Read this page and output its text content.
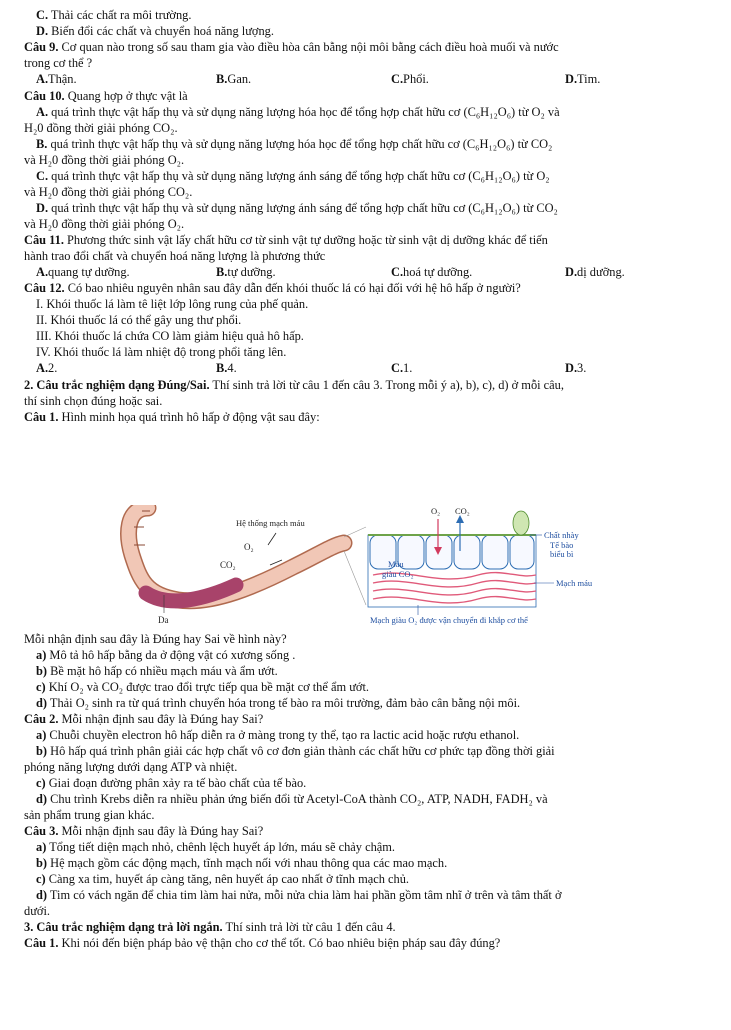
C. Thải các chất ra môi trường.
D. Biến đổi các chất và chuyển hoá năng lượng.
Câu 9. Cơ quan nào trong số sau tham gia vào điều hòa cân bằng nội môi bằng cách điều hoà muối và nước
trong cơ thể ?
A. Thận.	B. Gan.	C. Phổi.	D. Tim.
Câu 10. Quang hợp ở thực vật là
A. quá trình thực vật hấp thụ và sử dụng năng lượng hóa học để tổng hợp chất hữu cơ (C₆H₁₂O₆) từ O₂ và
H₂0 đồng thời giải phóng CO₂.
B. quá trình thực vật hấp thụ và sử dụng năng lượng hóa học để tổng hợp chất hữu cơ (C₆H₁₂O₆) từ CO₂
và H₂0 đồng thời giải phóng O₂.
C. quá trình thực vật hấp thụ và sử dụng năng lượng ánh sáng để tổng hợp chất hữu cơ (C₆H₁₂O₆) từ O₂
và H₂0 đồng thời giải phóng CO₂.
D. quá trình thực vật hấp thụ và sử dụng năng lượng ánh sáng để tổng hợp chất hữu cơ (C₆H₁₂O₆) từ CO₂
và H₂0 đồng thời giải phóng O₂.
Câu 11. Phương thức sinh vật lấy chất hữu cơ từ sinh vật tự dưỡng hoặc từ sinh vật dị dưỡng khác để tiến
hành trao đổi chất và chuyển hoá năng lượng là phương thức
A. quang tự dưỡng.	B. tự dưỡng.	C. hoá tự dưỡng.	D. dị dưỡng.
Câu 12. Có bao nhiêu nguyên nhân sau đây dẫn đến khói thuốc lá có hại đối với hệ hô hấp ở người?
I. Khói thuốc lá làm tê liệt lớp lông rung của phế quản.
II. Khói thuốc lá có thể gây ung thư phổi.
III. Khói thuốc lá chứa CO làm giảm hiệu quả hô hấp.
IV. Khói thuốc lá làm nhiệt độ trong phổi tăng lên.
A. 2.	B. 4.	C. 1.	D. 3.
2. Câu trắc nghiệm dạng Đúng/Sai. Thí sinh trả lời từ câu 1 đến câu 3. Trong mỗi ý a), b), c), d) ở mỗi câu,
thí sinh chọn đúng hoặc sai.
Câu 1. Hình minh họa quá trình hô hấp ở động vật sau đây:
Da
O₂
CO₂
Hệ thống mạch máu
O₂ CO₂
Máu
giàu CO₂
Chất nhày
Tế bào
biểu bì
Mạch máu
Mạch giàu O₂ được vận chuyển đi khắp cơ thể
Mỗi nhận định sau đây là Đúng hay Sai về hình này?
a) Mô tả hô hấp bằng da ở động vật có xương sống .
b) Bề mặt hô hấp có nhiều mạch máu và ẩm ướt.
c) Khí O₂ và CO₂ được trao đổi trực tiếp qua bề mặt cơ thể ẩm ướt.
d) Thải O₂ sinh ra từ quá trình chuyển hóa trong tế bào ra môi trường, đảm bảo cân bằng nội môi.
Câu 2. Mỗi nhận định sau đây là Đúng hay Sai?
a) Chuỗi chuyền electron hô hấp diễn ra ở màng trong ty thể, tạo ra lactic acid hoặc rượu ethanol.
b) Hô hấp quá trình phân giải các hợp chất vô cơ đơn giản thành các chất hữu cơ phức tạp đồng thời giải
phóng năng lượng dưới dạng ATP và nhiệt.
c) Giai đoạn đường phân xảy ra tế bào chất của tế bào.
d) Chu trình Krebs diễn ra nhiều phản ứng biến đổi từ Acetyl-CoA thành CO₂, ATP, NADH, FADH₂ và
sản phẩm trung gian khác.
Câu 3. Mỗi nhận định sau đây là Đúng hay Sai?
a) Tổng tiết diện mạch nhỏ, chênh lệch huyết áp lớn, máu sẽ chảy chậm.
b) Hệ mạch gồm các động mạch, tĩnh mạch nối với nhau thông qua các mao mạch.
c) Càng xa tim, huyết áp càng tăng, nên huyết áp cao nhất ở tĩnh mạch chủ.
d) Tim có vách ngăn để chia tim làm hai nửa, mỗi nửa chia làm hai phần gồm tâm nhĩ ở trên và tâm thất ở
dưới.
3. Câu trắc nghiệm dạng trả lời ngắn. Thí sinh trả lời từ câu 1 đến câu 4.
Câu 1. Khi nói đến biện pháp bảo vệ thận cho cơ thể tốt. Có bao nhiêu biện pháp sau đây đúng?
